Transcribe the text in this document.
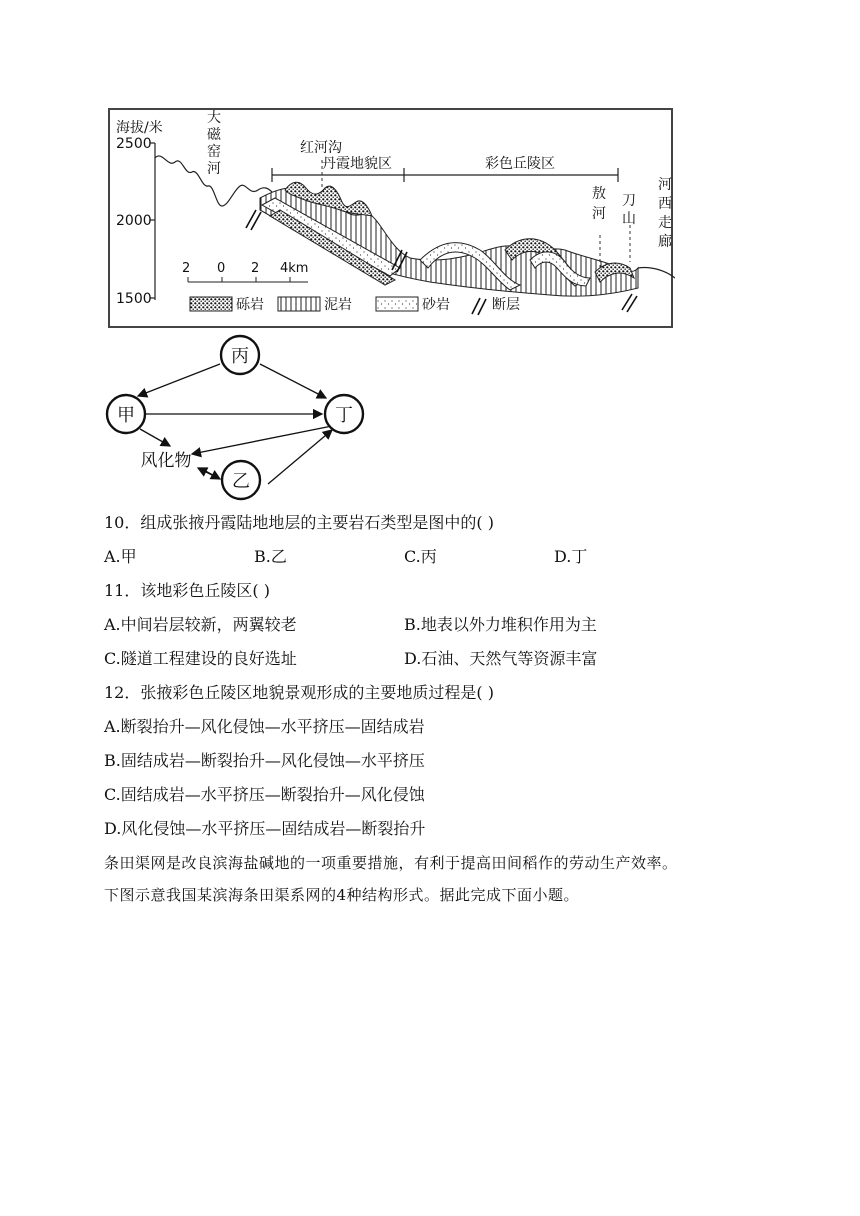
海拔/米
2500
2000
1500
红河沟
丹霞地貌区	彩色丘陵区
2 0 2 4km
砾岩	泥岩	砂岩	断层
大磁窑河
敖河
刀山
河西走廊
丙
甲	丁
乙
风化物
10．组成张掖丹霞陆地地层的主要岩石类型是图中的( )
A.甲	B.乙	C.丙	D.丁
11．该地彩色丘陵区( )
A.中间岩层较新，两翼较老	B.地表以外力堆积作用为主
C.隧道工程建设的良好选址	D.石油、天然气等资源丰富
12．张掖彩色丘陵区地貌景观形成的主要地质过程是( )
A.断裂抬升—风化侵蚀—水平挤压—固结成岩
B.固结成岩—断裂抬升—风化侵蚀—水平挤压
C.固结成岩—水平挤压—断裂抬升—风化侵蚀
D.风化侵蚀—水平挤压—固结成岩—断裂抬升
条田渠网是改良滨海盐碱地的一项重要措施，有利于提高田间稻作的劳动生产效率。
下图示意我国某滨海条田渠系网的4种结构形式。据此完成下面小题。
